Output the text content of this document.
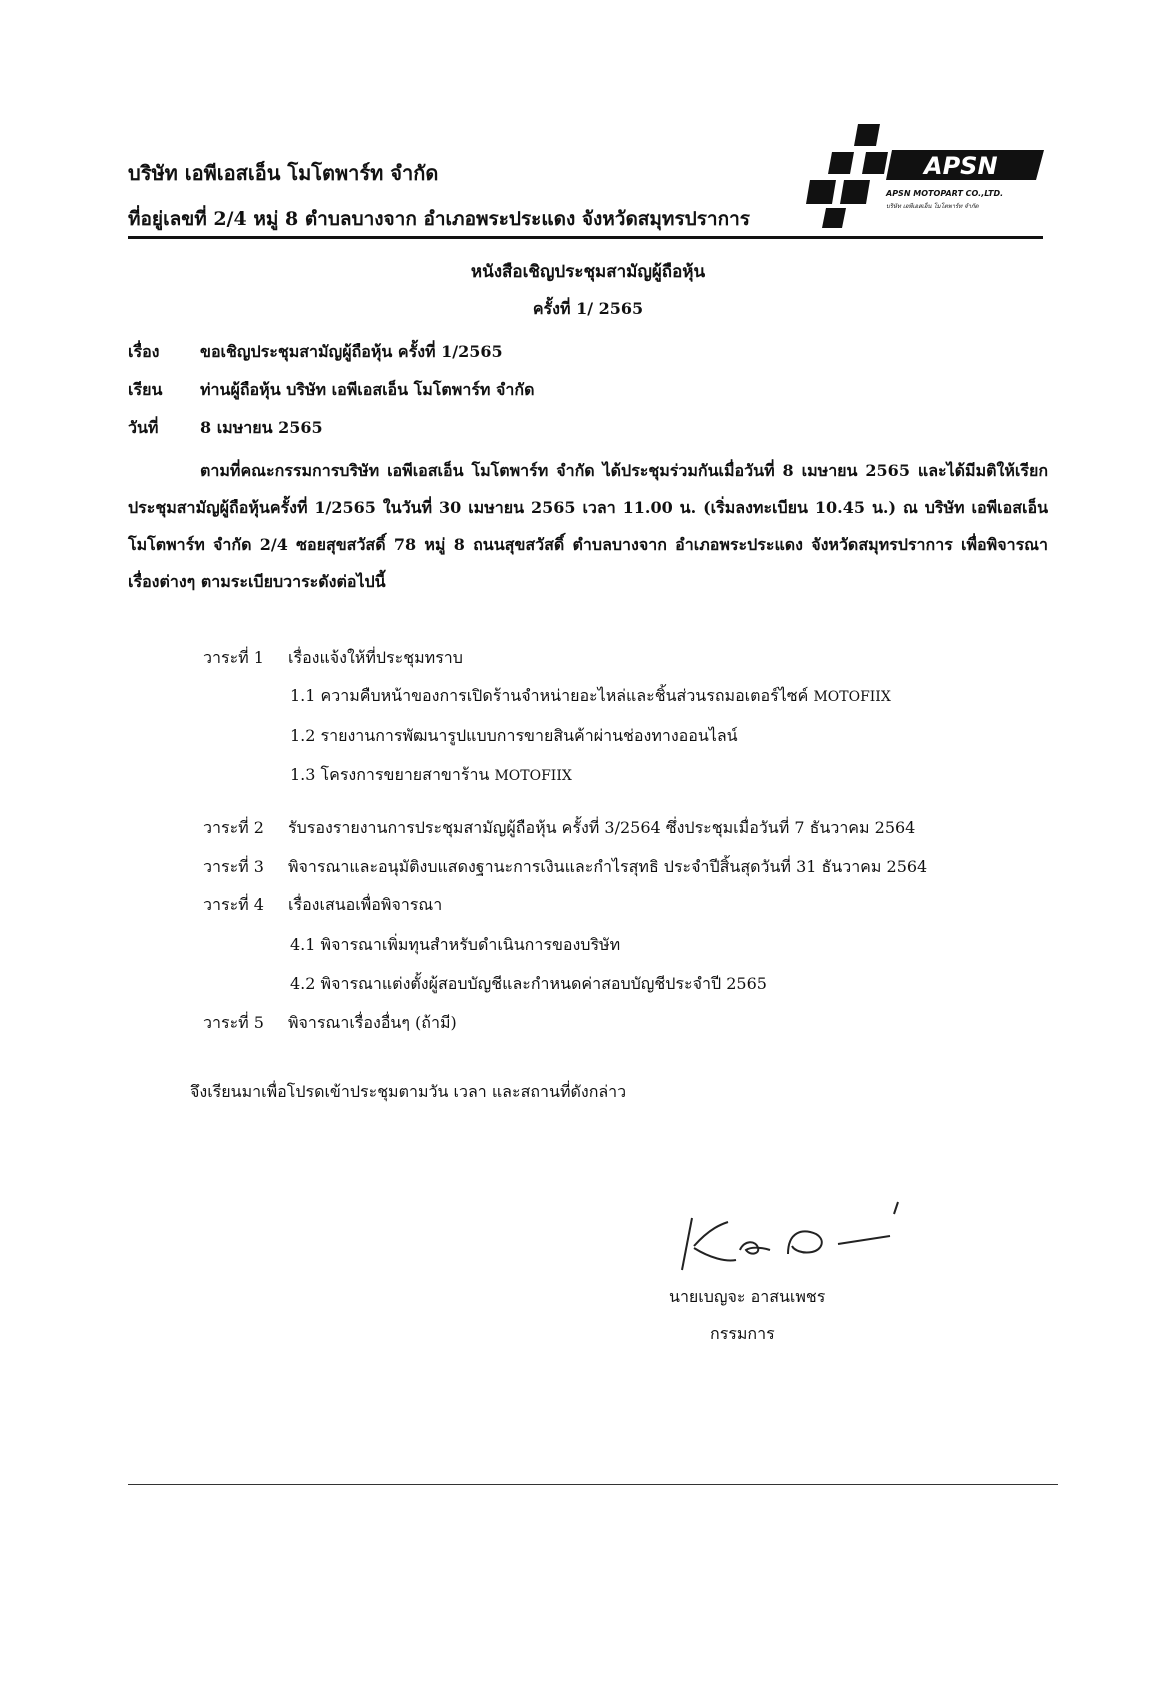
บริษัท เอพีเอสเอ็น โมโตพาร์ท จำกัด
ที่อยู่เลขที่ 2/4 หมู่ 8 ตำบลบางจาก อำเภอพระประแดง จังหวัดสมุทรปราการ
APSN
APSN MOTOPART CO.,LTD.
บริษัท เอพีเอสเอ็น โมโตพาร์ท จำกัด
หนังสือเชิญประชุมสามัญผู้ถือหุ้น
ครั้งที่ 1/ 2565
เรื่อง	ขอเชิญประชุมสามัญผู้ถือหุ้น ครั้งที่ 1/2565
เรียน ท่านผู้ถือหุ้น บริษัท เอพีเอสเอ็น โมโตพาร์ท จำกัด
วันที่	8 เมษายน 2565
ตามที่คณะกรรมการบริษัท เอพีเอสเอ็น โมโตพาร์ท จำกัด ได้ประชุมร่วมกันเมื่อวันที่ 8 เมษายน 2565 และได้มีมติให้เรียกประชุมสามัญผู้ถือหุ้นครั้งที่ 1/2565 ในวันที่ 30 เมษายน 2565 เวลา 11.00 น. (เริ่มลงทะเบียน 10.45 น.) ณ บริษัท เอพีเอสเอ็น โมโตพาร์ท จำกัด 2/4 ซอยสุขสวัสดิ์ 78 หมู่ 8 ถนนสุขสวัสดิ์ ตำบลบางจาก อำเภอพระประแดง จังหวัดสมุทรปราการ เพื่อพิจารณาเรื่องต่างๆ ตามระเบียบวาระดังต่อไปนี้
วาระที่ 1 เรื่องแจ้งให้ที่ประชุมทราบ
1.1 ความคืบหน้าของการเปิดร้านจำหน่ายอะไหล่และชิ้นส่วนรถมอเตอร์ไซค์ MOTOFIIX
1.2 รายงานการพัฒนารูปแบบการขายสินค้าผ่านช่องทางออนไลน์
1.3 โครงการขยายสาขาร้าน MOTOFIIX
วาระที่ 2 รับรองรายงานการประชุมสามัญผู้ถือหุ้น ครั้งที่ 3/2564 ซึ่งประชุมเมื่อวันที่ 7 ธันวาคม 2564
วาระที่ 3 พิจารณาและอนุมัติงบแสดงฐานะการเงินและกำไรสุทธิ ประจำปีสิ้นสุดวันที่ 31 ธันวาคม 2564
วาระที่ 4 เรื่องเสนอเพื่อพิจารณา
4.1 พิจารณาเพิ่มทุนสำหรับดำเนินการของบริษัท
4.2 พิจารณาแต่งตั้งผู้สอบบัญชีและกำหนดค่าสอบบัญชีประจำปี 2565
วาระที่ 5 พิจารณาเรื่องอื่นๆ (ถ้ามี)
จึงเรียนมาเพื่อโปรดเข้าประชุมตามวัน เวลา และสถานที่ดังกล่าว
นายเบญจะ อาสนเพชร
กรรมการ
